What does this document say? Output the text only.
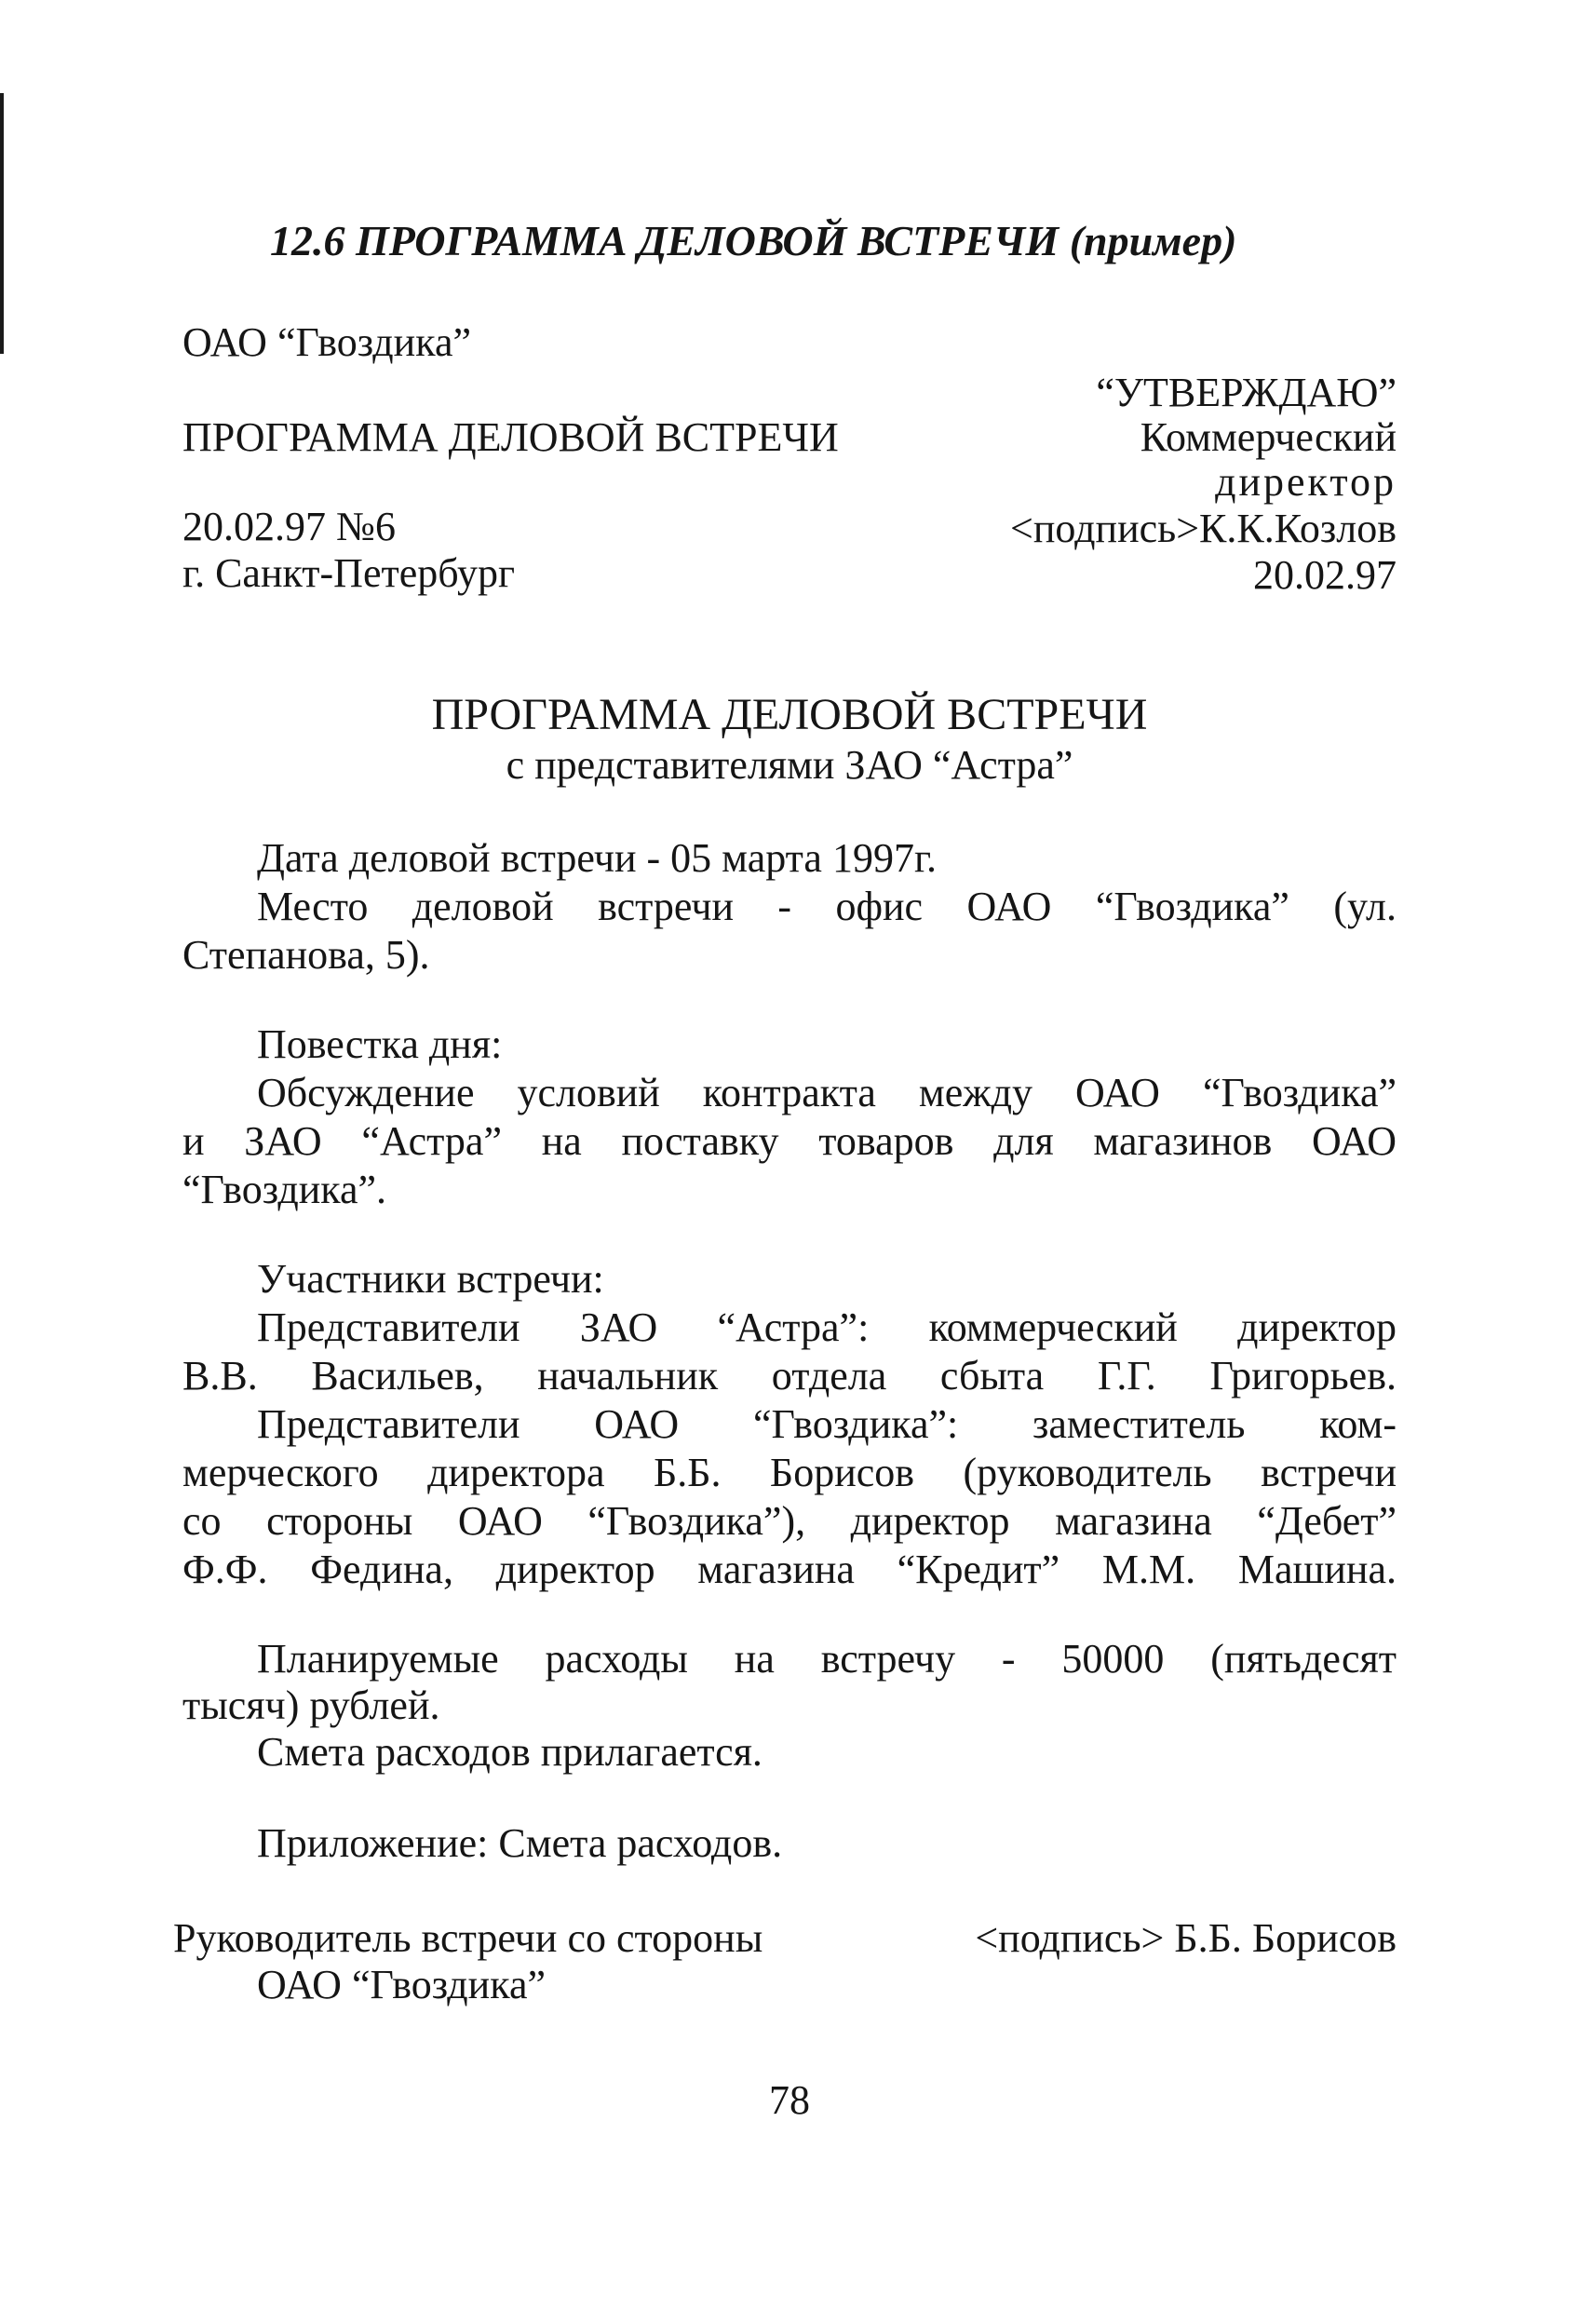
12.6 ПРОГРАММА ДЕЛОВОЙ ВСТРЕЧИ (пример)
ОАО “Гвоздика”
ПРОГРАММА ДЕЛОВОЙ ВСТРЕЧИ
20.02.97 №6
г. Санкт-Петербург
“УТВЕРЖДАЮ”
Коммерческий
директор
<подпись>К.К.Козлов
20.02.97
ПРОГРАММА ДЕЛОВОЙ ВСТРЕЧИ
с представителями ЗАО “Астра”
Дата деловой встречи - 05 марта 1997г.
Место деловой встречи - офис ОАО “Гвоздика” (ул.
Степанова, 5).
Повестка дня:
Обсуждение условий контракта между ОАО “Гвоздика”
и ЗАО “Астра” на поставку товаров для магазинов ОАО
“Гвоздика”.
Участники встречи:
Представители ЗАО “Астра”: коммерческий директор
В.В. Васильев, начальник отдела сбыта Г.Г. Григорьев.
Представители ОАО “Гвоздика”: заместитель ком-
мерческого директора Б.Б. Борисов (руководитель встречи
со стороны ОАО “Гвоздика”), директор магазина “Дебет”
Ф.Ф. Федина, директор магазина “Кредит” М.М. Машина.
Планируемые расходы на встречу - 50000 (пятьдесят
тысяч) рублей.
Смета расходов прилагается.
Приложение: Смета расходов.
Руководитель встречи со стороны	<подпись> Б.Б. Борисов
ОАО “Гвоздика”
78
